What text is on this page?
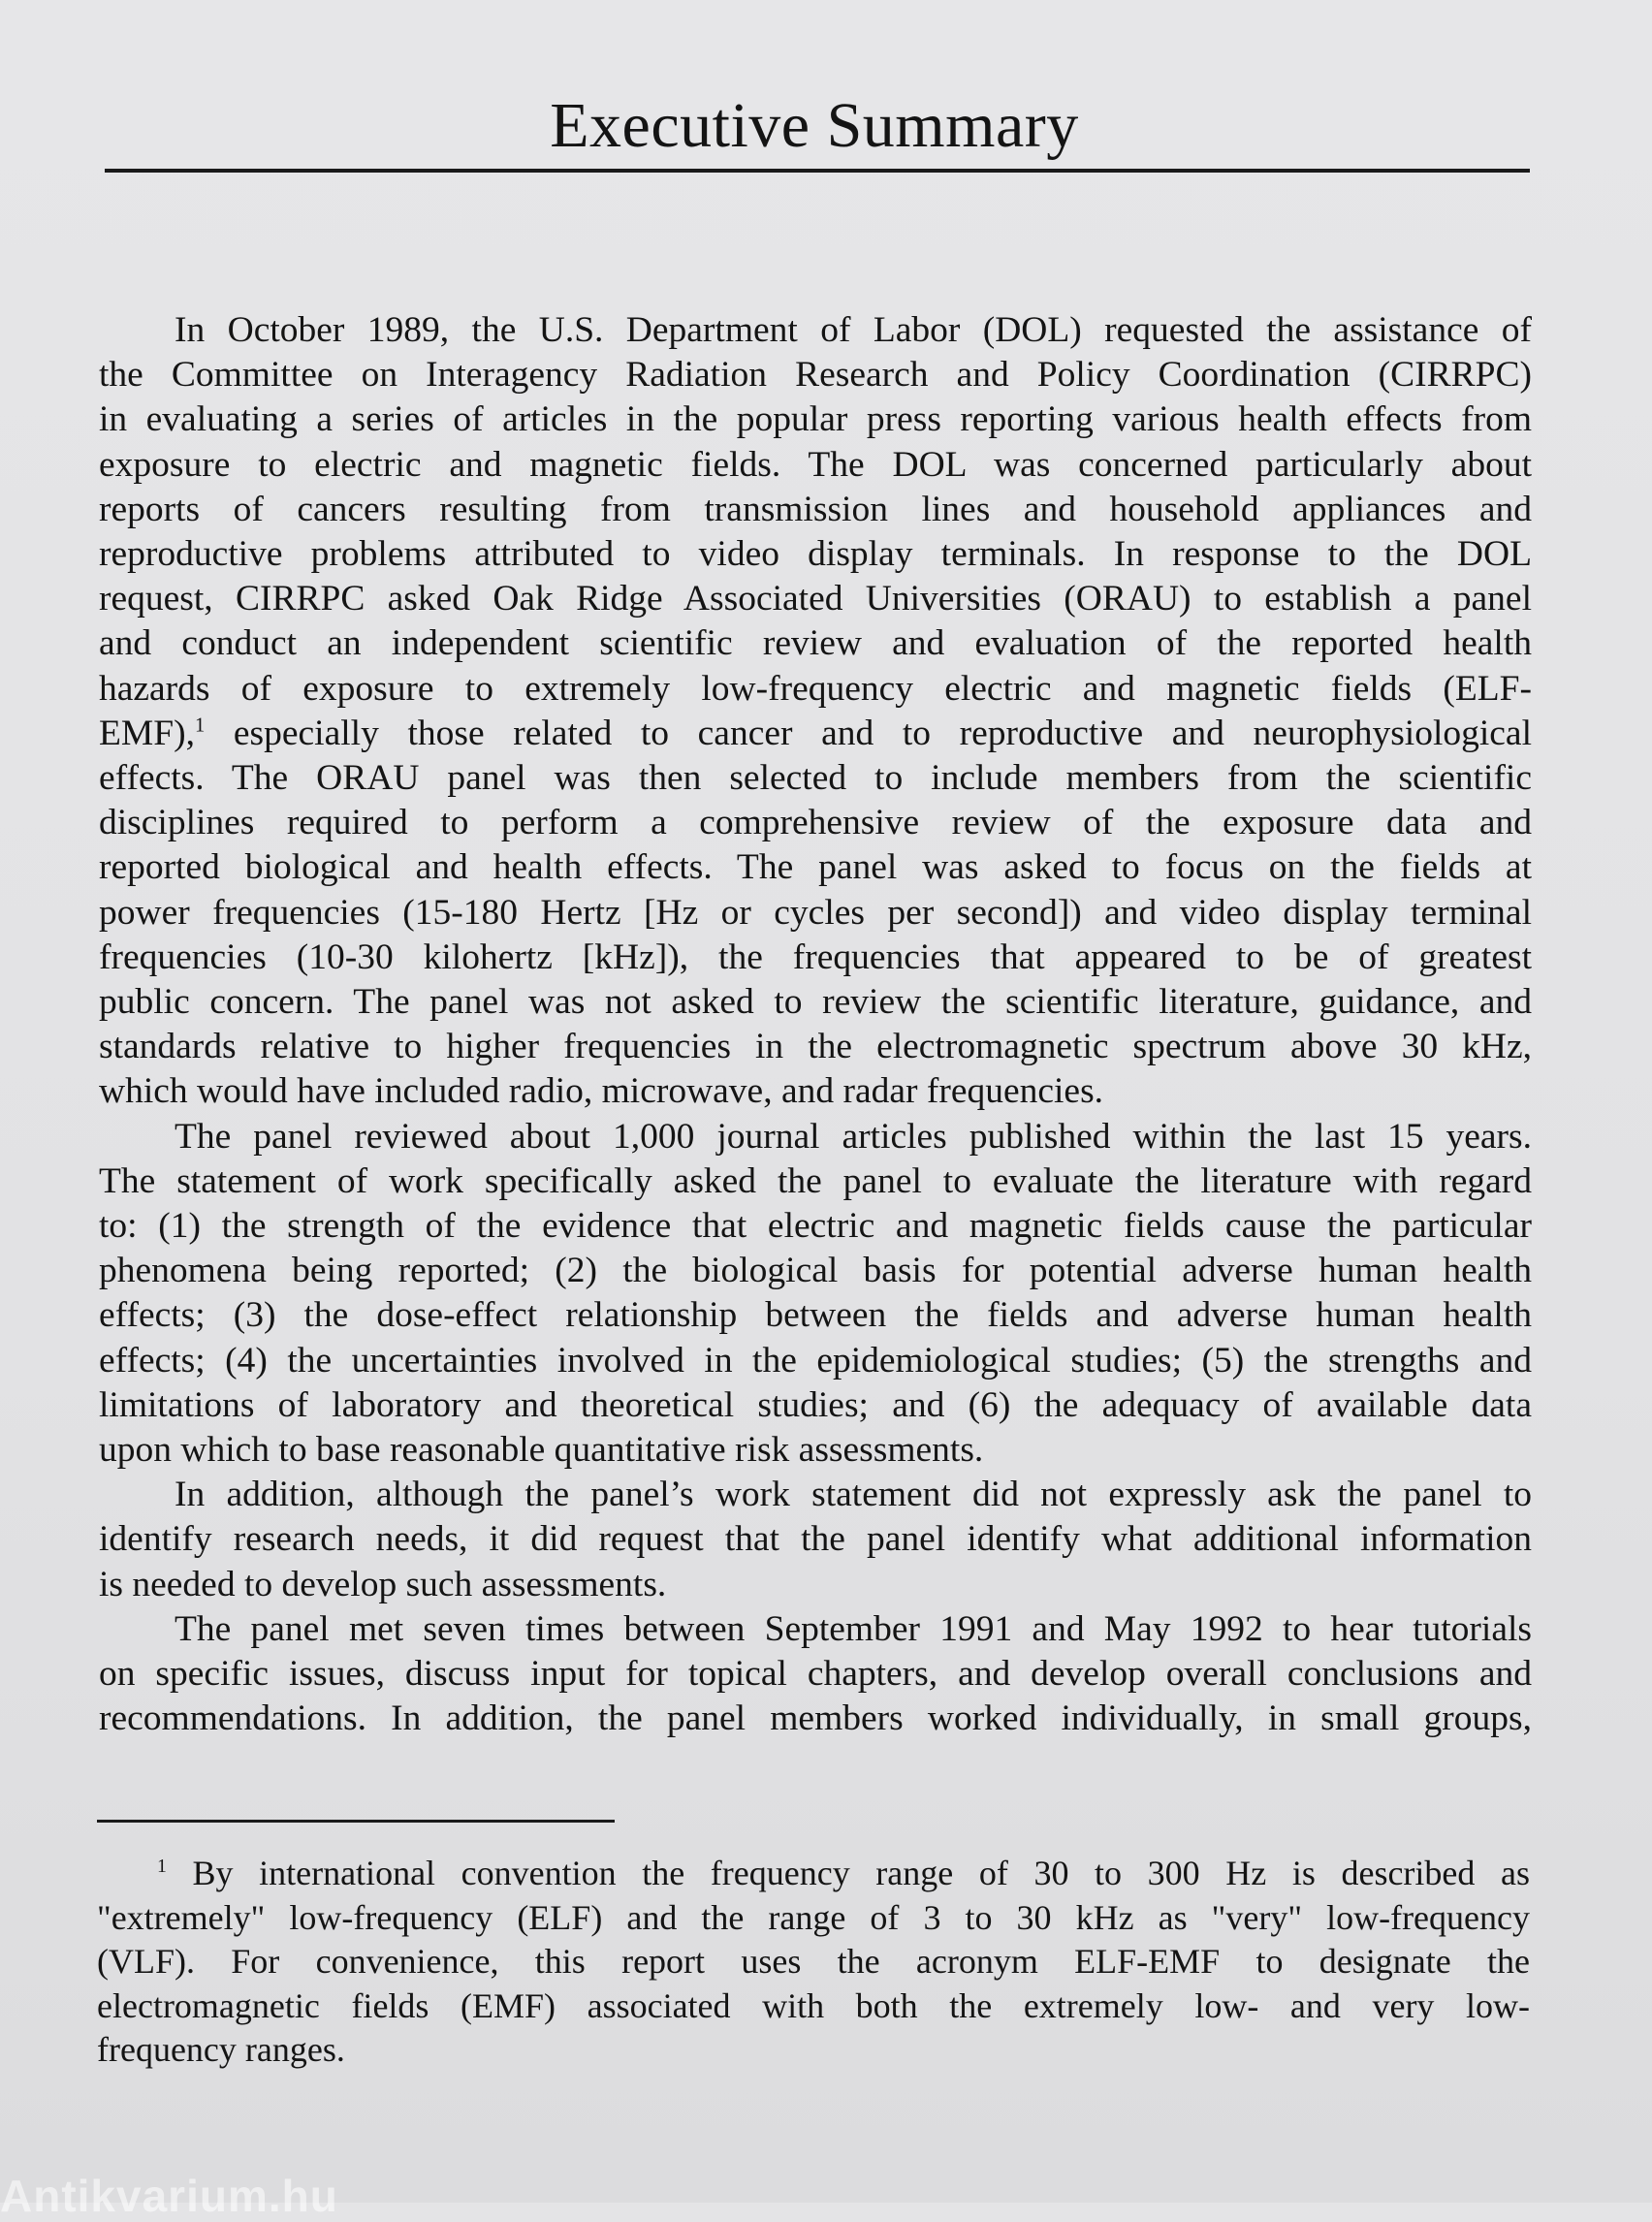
Executive Summary
In October 1989, the U.S. Department of Labor (DOL) requested the assistance of
the Committee on Interagency Radiation Research and Policy Coordination (CIRRPC)
in evaluating a series of articles in the popular press reporting various health effects from
exposure to electric and magnetic fields. The DOL was concerned particularly about
reports of cancers resulting from transmission lines and household appliances and
reproductive problems attributed to video display terminals. In response to the DOL
request, CIRRPC asked Oak Ridge Associated Universities (ORAU) to establish a panel
and conduct an independent scientific review and evaluation of the reported health
hazards of exposure to extremely low-frequency electric and magnetic fields (ELF-
EMF),$^1$ especially those related to cancer and to reproductive and neurophysiological
effects. The ORAU panel was then selected to include members from the scientific
disciplines required to perform a comprehensive review of the exposure data and
reported biological and health effects. The panel was asked to focus on the fields at
power frequencies (15-180 Hertz [Hz or cycles per second]) and video display terminal
frequencies (10-30 kilohertz [kHz]), the frequencies that appeared to be of greatest
public concern. The panel was not asked to review the scientific literature, guidance, and
standards relative to higher frequencies in the electromagnetic spectrum above 30 kHz,
which would have included radio, microwave, and radar frequencies.
The panel reviewed about 1,000 journal articles published within the last 15 years.
The statement of work specifically asked the panel to evaluate the literature with regard
to: (1) the strength of the evidence that electric and magnetic fields cause the particular
phenomena being reported; (2) the biological basis for potential adverse human health
effects; (3) the dose-effect relationship between the fields and adverse human health
effects; (4) the uncertainties involved in the epidemiological studies; (5) the strengths and
limitations of laboratory and theoretical studies; and (6) the adequacy of available data
upon which to base reasonable quantitative risk assessments.
In addition, although the panel’s work statement did not expressly ask the panel to
identify research needs, it did request that the panel identify what additional information
is needed to develop such assessments.
The panel met seven times between September 1991 and May 1992 to hear tutorials
on specific issues, discuss input for topical chapters, and develop overall conclusions and
recommendations. In addition, the panel members worked individually, in small groups,
$^1$ By international convention the frequency range of 30 to 300 Hz is described as
"extremely" low-frequency (ELF) and the range of 3 to 30 kHz as "very" low-frequency
(VLF). For convenience, this report uses the acronym ELF-EMF to designate the
electromagnetic fields (EMF) associated with both the extremely low- and very low-
frequency ranges.
Antikvarium.hu
